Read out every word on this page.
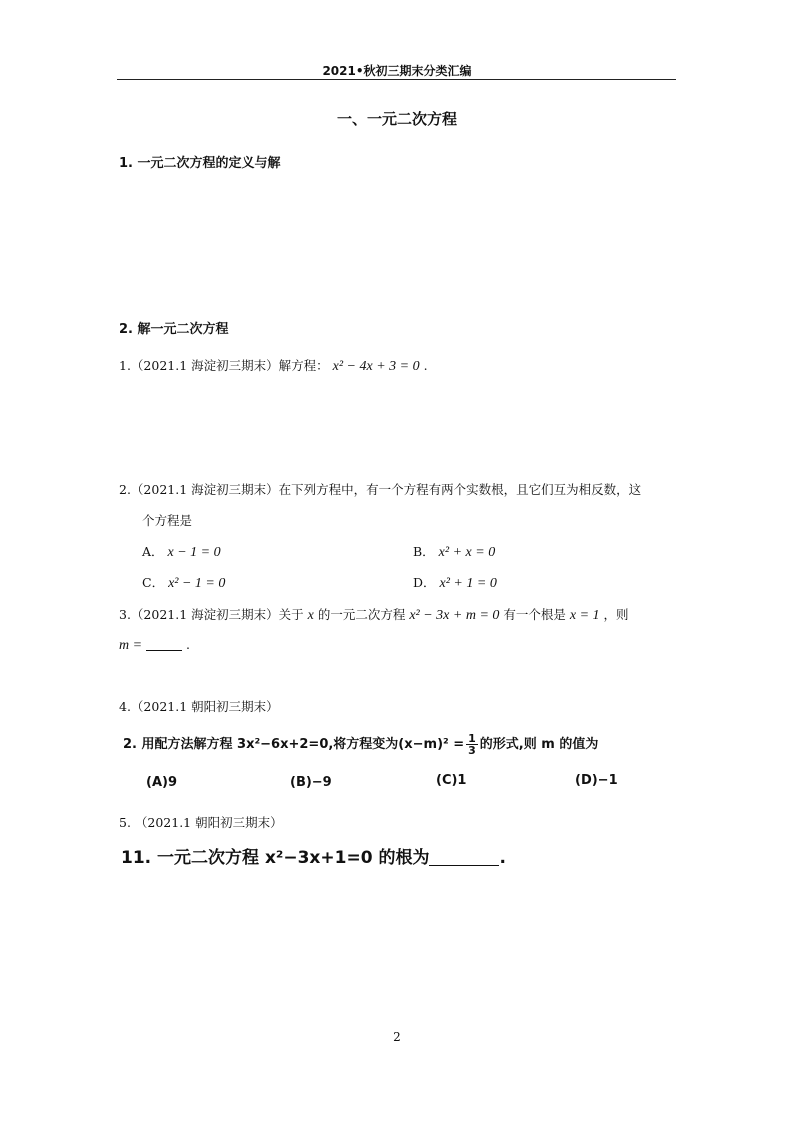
2021•秋初三期末分类汇编
一、一元二次方程
1. 一元二次方程的定义与解
2. 解一元二次方程
1.（2021.1 海淀初三期末）解方程： x² − 4x + 3 = 0 .
2.（2021.1 海淀初三期末）在下列方程中，有一个方程有两个实数根，且它们互为相反数，这
个方程是
A． x − 1 = 0	B． x² + x = 0
C． x² − 1 = 0	D． x² + 1 = 0
3.（2021.1 海淀初三期末）关于 x 的一元二次方程 x² − 3x + m = 0 有一个根是 x = 1 ，则
m =	.
4.（2021.1 朝阳初三期末）
2. 用配方法解方程 3x²−6x+2=0,将方程变为$(x-m)^2 = \frac{1}{3}$ 的形式,则 m 的值为
(A)9	(B)−9	(C)1	(D)−1
5. （2021.1 朝阳初三期末）
11. 一元二次方程 x²−3x+1=0 的根为	.
2
